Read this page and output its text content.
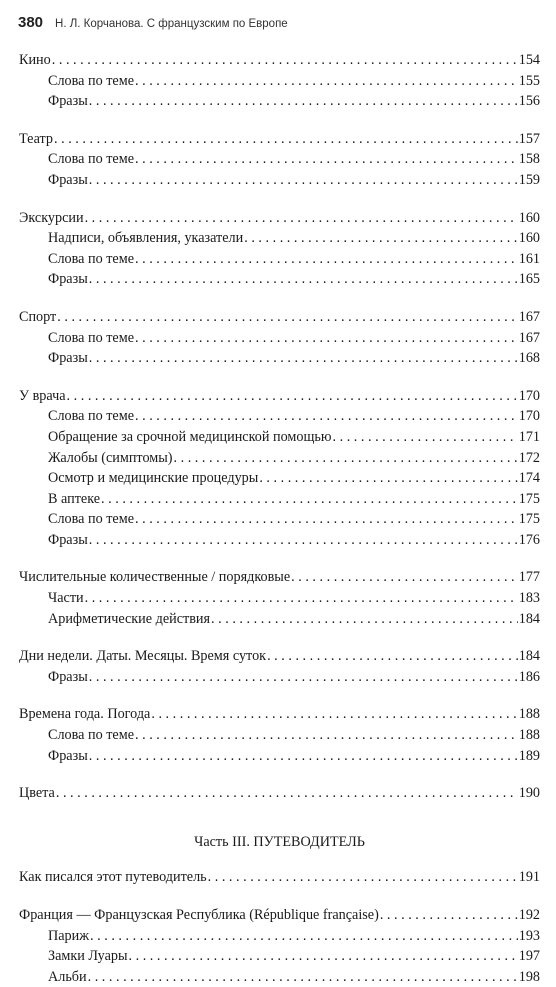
380 Н. Л. Корчанова. С французским по Европе
Кино . . .	154
Слова по теме . . .	155
Фразы . . .	156
Театр . . .	157
Слова по теме . . .	158
Фразы . . .	159
Экскурсии . . .	160
Надписи, объявления, указатели . . .	160
Слова по теме . . .	161
Фразы . . .	165
Спорт . . .	167
Слова по теме . . .	167
Фразы . . .	168
У врача . . .	170
Слова по теме . . .	170
Обращение за срочной медицинской помощью . . .	171
Жалобы (симптомы) . . .	172
Осмотр и медицинские процедуры . . .	174
В аптеке . . .	175
Слова по теме . . .	175
Фразы . . .	176
Числительные количественные / порядковые . . .	177
Части . . .	183
Арифметические действия . . .	184
Дни недели. Даты. Месяцы. Время суток . . .	184
Фразы . . .	186
Времена года. Погода . . .	188
Слова по теме . . .	188
Фразы . . .	189
Цвета . . .	190
Часть III. ПУТЕВОДИТЕЛЬ
Как писался этот путеводитель . . .	191
Франция — Французская Республика (République française) . . .	192
Париж . . .	193
Замки Луары . . .	197
Альби . . .	198
